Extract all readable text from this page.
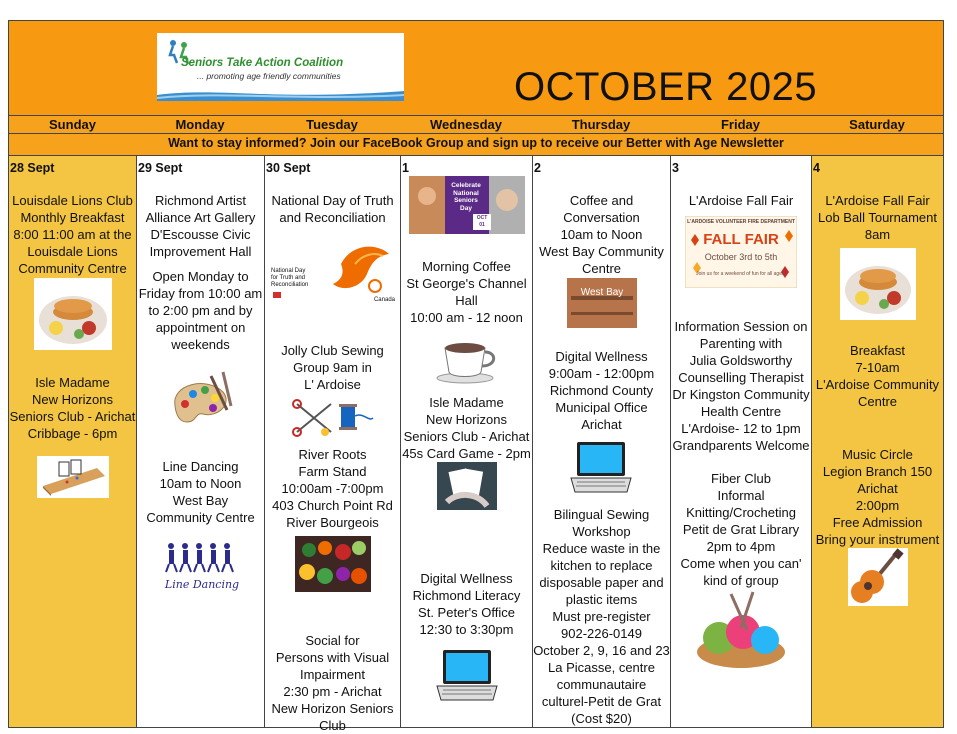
Seniors Take Action Coalition
... promoting age friendly communities	OCTOBER 2025
Sunday	Monday	Tuesday	Wednesday	Thursday	Friday	Saturday
Want to stay informed? Join our FaceBook Group and sign up to receive our Better with Age Newsletter
28 Sept
Louisdale Lions Club
Monthly Breakfast
8:00 11:00 am at the
Louisdale Lions
Community Centre
Isle Madame
New Horizons
Seniors Club - Arichat
Cribbage - 6pm
29 Sept
Richmond Artist
Alliance Art Gallery
D'Escousse Civic
Improvement Hall
Open Monday to
Friday from 10:00 am
to 2:00 pm and by
appointment on
weekends
Line Dancing
10am to Noon
West Bay
Community Centre
Line Dancing
30 Sept
National Day of Truth
and Reconciliation
National Day
for Truth and
Reconciliation
Canada
Jolly Club Sewing
Group 9am in
L' Ardoise
River Roots
Farm Stand
10:00am -7:00pm
403 Church Point Rd
River Bourgeois
Social for
Persons with Visual
Impairment
2:30 pm - Arichat
New Horizon Seniors
Club
1
Celebrate
National
Seniors
Day
OCT
01
Morning Coffee
St George's Channel
Hall
10:00 am - 12 noon
Isle Madame
New Horizons
Seniors Club - Arichat
45s Card Game - 2pm
Digital Wellness
Richmond Literacy
St. Peter's Office
12:30 to 3:30pm
2
Coffee and
Conversation
10am to Noon
West Bay Community
Centre
West Bay
Digital Wellness
9:00am - 12:00pm
Richmond County
Municipal Office
Arichat
Bilingual Sewing
Workshop
Reduce waste in the
kitchen to replace
disposable paper and
plastic items
Must pre-register
902-226-0149
October 2, 9, 16 and 23
La Picasse, centre
communautaire
culturel-Petit de Grat
(Cost $20)
3
L'Ardoise Fall Fair
L'ARDOISE VOLUNTEER FIRE DEPARTMENT
FALL FAIR
October 3rd to 5th
Join us for a weekend of fun for all ages!
Information Session on
Parenting with
Julia Goldsworthy
Counselling Therapist
Dr Kingston Community
Health Centre
L'Ardoise- 12 to 1pm
Grandparents Welcome
Fiber Club
Informal
Knitting/Crocheting
Petit de Grat Library
2pm to 4pm
Come when you can'
kind of group
4
L'Ardoise Fall Fair
Lob Ball Tournament
8am
Breakfast
7-10am
L'Ardoise Community
Centre
Music Circle
Legion Branch 150
Arichat
2:00pm
Free Admission
Bring your instrument
